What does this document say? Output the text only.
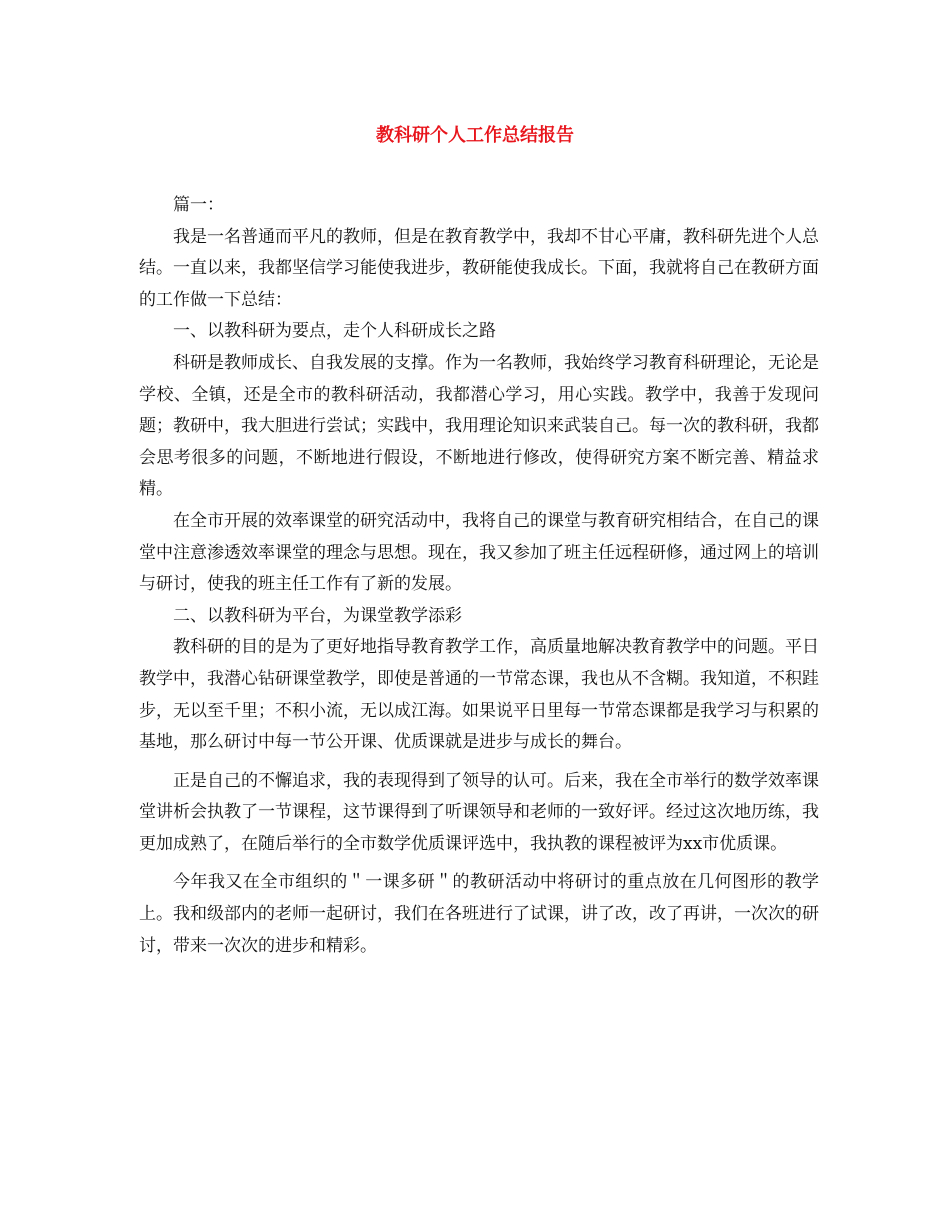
教科研个人工作总结报告

篇一：

我是一名普通而平凡的教师，但是在教育教学中，我却不甘心平庸，教科研先进个人总结。一直以来，我都坚信学习能使我进步，教研能使我成长。下面，我就将自己在教研方面的工作做一下总结：

一、以教科研为要点，走个人科研成长之路

科研是教师成长、自我发展的支撑。作为一名教师，我始终学习教育科研理论，无论是学校、全镇，还是全市的教科研活动，我都潜心学习，用心实践。教学中，我善于发现问题；教研中，我大胆进行尝试；实践中，我用理论知识来武装自己。每一次的教科研，我都会思考很多的问题，不断地进行假设，不断地进行修改，使得研究方案不断完善、精益求精。

在全市开展的效率课堂的研究活动中，我将自己的课堂与教育研究相结合，在自己的课堂中注意渗透效率课堂的理念与思想。现在，我又参加了班主任远程研修，通过网上的培训与研讨，使我的班主任工作有了新的发展。

二、以教科研为平台，为课堂教学添彩

教科研的目的是为了更好地指导教育教学工作，高质量地解决教育教学中的问题。平日教学中，我潜心钻研课堂教学，即使是普通的一节常态课，我也从不含糊。我知道，不积跬步，无以至千里；不积小流，无以成江海。如果说平日里每一节常态课都是我学习与积累的基地，那么研讨中每一节公开课、优质课就是进步与成长的舞台。

正是自己的不懈追求，我的表现得到了领导的认可。后来，我在全市举行的数学效率课堂讲析会执教了一节课程，这节课得到了听课领导和老师的一致好评。经过这次地历练，我更加成熟了，在随后举行的全市数学优质课评选中，我执教的课程被评为xx市优质课。

今年我又在全市组织的＂一课多研＂的教研活动中将研讨的重点放在几何图形的教学上。我和级部内的老师一起研讨，我们在各班进行了试课，讲了改，改了再讲，一次次的研讨，带来一次次的进步和精彩。
